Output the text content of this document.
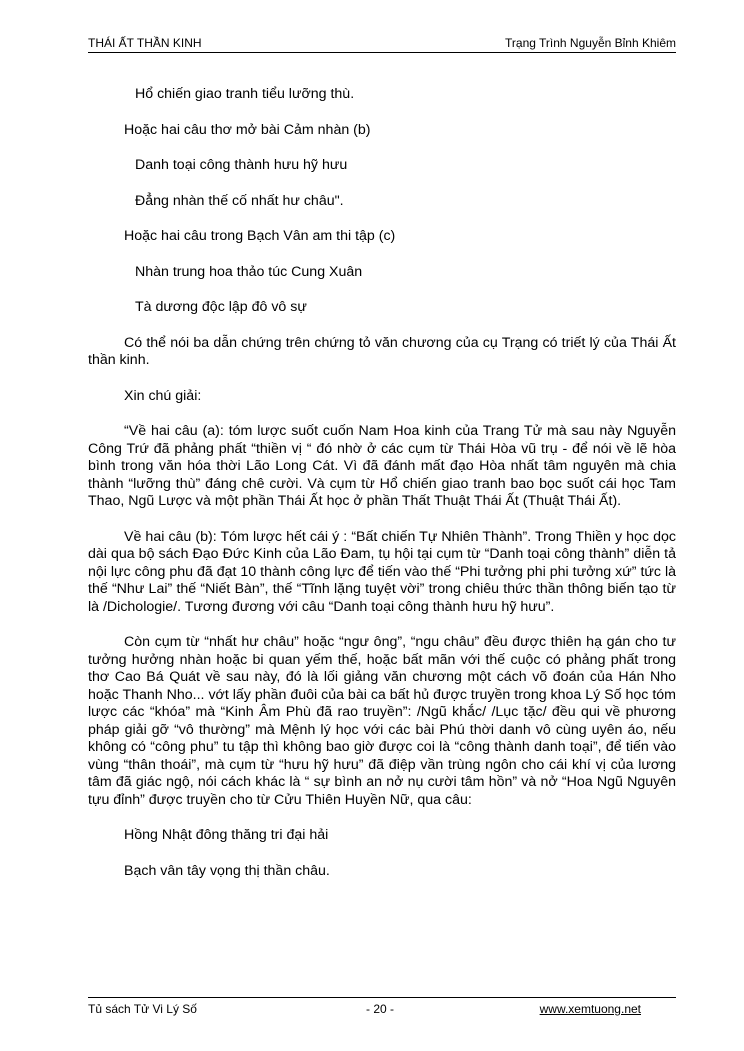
THÁI ẤT THẦN KINH	Trạng Trình Nguyễn Bỉnh Khiêm

Hổ chiến giao tranh tiểu lưỡng thù.

Hoặc hai câu thơ mở bài Cảm nhàn (b)

Danh toại công thành hưu hỹ hưu

Đẳng nhàn thế cố nhất hư châu".

Hoặc hai câu trong Bạch Vân am thi tập (c)

Nhàn trung hoa thảo túc Cung Xuân

Tà dương độc lập đô vô sự

Có thể nói ba dẫn chứng trên chứng tỏ văn chương của cụ Trạng có triết lý của Thái Ất thần kinh.

Xin chú giải:

“Về hai câu (a): tóm lược suốt cuốn Nam Hoa kinh của Trang Tử mà sau này Nguyễn Công Trứ đã phảng phất “thiền vị “ đó nhờ ở các cụm từ Thái Hòa vũ trụ - để nói về lẽ hòa bình trong văn hóa thời Lão Long Cát. Vì đã đánh mất đạo Hòa nhất tâm nguyên mà chia thành “lưỡng thù” đáng chê cười. Và cụm từ Hổ chiến giao tranh bao bọc suốt cái học Tam Thao, Ngũ Lược và một phần Thái Ất học ở phần Thất Thuật Thái Ất (Thuật Thái Ất).

Về hai câu (b): Tóm lược hết cái ý : “Bất chiến Tự Nhiên Thành”. Trong Thiền y học dọc dài qua bộ sách Đạo Đức Kinh của Lão Đam, tụ hội tại cụm từ “Danh toại công thành” diễn tả nội lực công phu đã đạt 10 thành công lực để tiến vào thế “Phi tưởng phi phi tưởng xứ” tức là thế “Như Lai” thế “Niết Bàn”, thế “Tĩnh lặng tuyệt vời” trong chiêu thức thần thông biến tạo từ là /Dichologie/. Tương đương với câu “Danh toại công thành hưu hỹ hưu”.

Còn cụm từ “nhất hư châu” hoặc “ngư ông”, “ngu châu” đều được thiên hạ gán cho tư tưởng hưởng nhàn hoặc bi quan yếm thế, hoặc bất mãn với thế cuộc có phảng phất trong thơ Cao Bá Quát về sau này, đó là lối giảng văn chương một cách võ đoán của Hán Nho hoặc Thanh Nho... vớt lấy phần đuôi của bài ca bất hủ được truyền trong khoa Lý Số học tóm lược các “khóa” mà “Kinh Âm Phù đã rao truyền”: /Ngũ khắc/ /Lục tặc/ đều qui về phương pháp giải gỡ “vô thường” mà Mệnh lý học với các bài Phú thời danh vô cùng uyên áo, nếu không có “công phu” tu tập thì không bao giờ được coi là “công thành danh toại”, để tiến vào vùng “thân thoái”, mà cụm từ “hưu hỹ hưu” đã điệp vần trùng ngôn cho cái khí vị của lương tâm đã giác ngộ, nói cách khác là “ sự bình an nở nụ cười tâm hồn” và nở “Hoa Ngũ Nguyên tựu đỉnh” được truyền cho từ Cửu Thiên Huyền Nữ, qua câu:

Hồng Nhật đông thăng tri đại hải

Bạch vân tây vọng thị thần châu.

Tủ sách Tử Vi Lý Số	- 20 -	www.xemtuong.net
